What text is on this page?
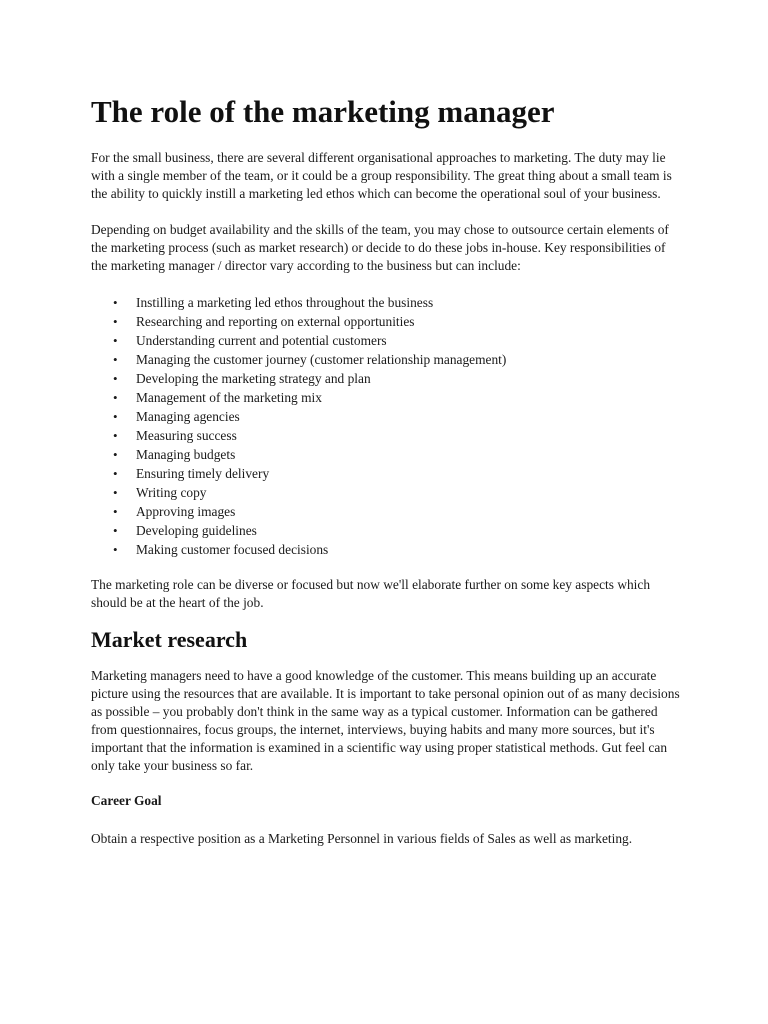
The role of the marketing manager

For the small business, there are several different organisational approaches to marketing. The duty may lie with a single member of the team, or it could be a group responsibility. The great thing about a small team is the ability to quickly instill a marketing led ethos which can become the operational soul of your business.

Depending on budget availability and the skills of the team, you may chose to outsource certain elements of the marketing process (such as market research) or decide to do these jobs in-house. Key responsibilities of the marketing manager / director vary according to the business but can include:

• Instilling a marketing led ethos throughout the business
• Researching and reporting on external opportunities
• Understanding current and potential customers
• Managing the customer journey (customer relationship management)
• Developing the marketing strategy and plan
• Management of the marketing mix
• Managing agencies
• Measuring success
• Managing budgets
• Ensuring timely delivery
• Writing copy
• Approving images
• Developing guidelines
• Making customer focused decisions

The marketing role can be diverse or focused but now we'll elaborate further on some key aspects which should be at the heart of the job.

Market research

Marketing managers need to have a good knowledge of the customer. This means building up an accurate picture using the resources that are available. It is important to take personal opinion out of as many decisions as possible – you probably don't think in the same way as a typical customer. Information can be gathered from questionnaires, focus groups, the internet, interviews, buying habits and many more sources, but it's important that the information is examined in a scientific way using proper statistical methods. Gut feel can only take your business so far.

Career Goal

Obtain a respective position as a Marketing Personnel in various fields of Sales as well as marketing.
